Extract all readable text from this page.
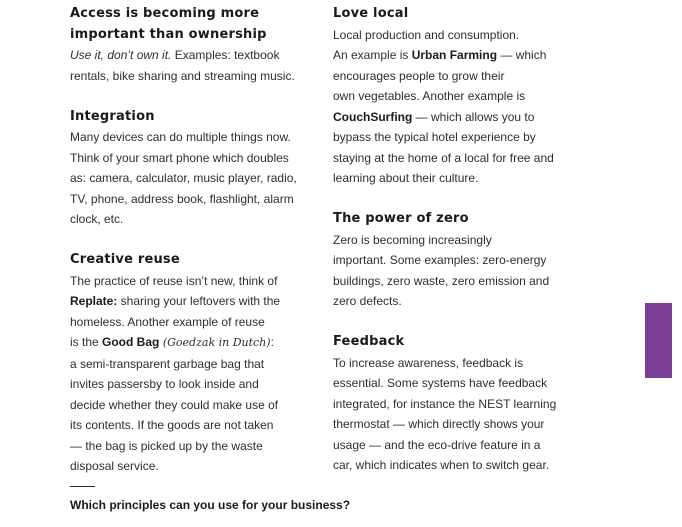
Access is becoming more
important than ownership

Use it, don’t own it. Examples: textbook
rentals, bike sharing and streaming music.

Integration

Many devices can do multiple things now.
Think of your smart phone which doubles
as: camera, calculator, music player, radio,
TV, phone, address book, flashlight, alarm
clock, etc.

Creative reuse

The practice of reuse isn’t new, think of
Replate: sharing your leftovers with the
homeless. Another example of reuse
is the Good Bag (Goedzak in Dutch):
a semi-transparent garbage bag that
invites passersby to look inside and
decide whether they could make use of
its contents. If the goods are not taken
— the bag is picked up by the waste
disposal service.

Love local

Local production and consumption.
An example is Urban Farming — which
encourages people to grow their
own vegetables. Another example is
CouchSurfing — which allows you to
bypass the typical hotel experience by
staying at the home of a local for free and
learning about their culture.

The power of zero

Zero is becoming increasingly
important. Some examples: zero-energy
buildings, zero waste, zero emission and
zero defects.

Feedback

To increase awareness, feedback is
essential. Some systems have feedback
integrated, for instance the NEST learning
thermostat — which directly shows your
usage — and the eco-drive feature in a
car, which indicates when to switch gear.

Which principles can you use for your business?
